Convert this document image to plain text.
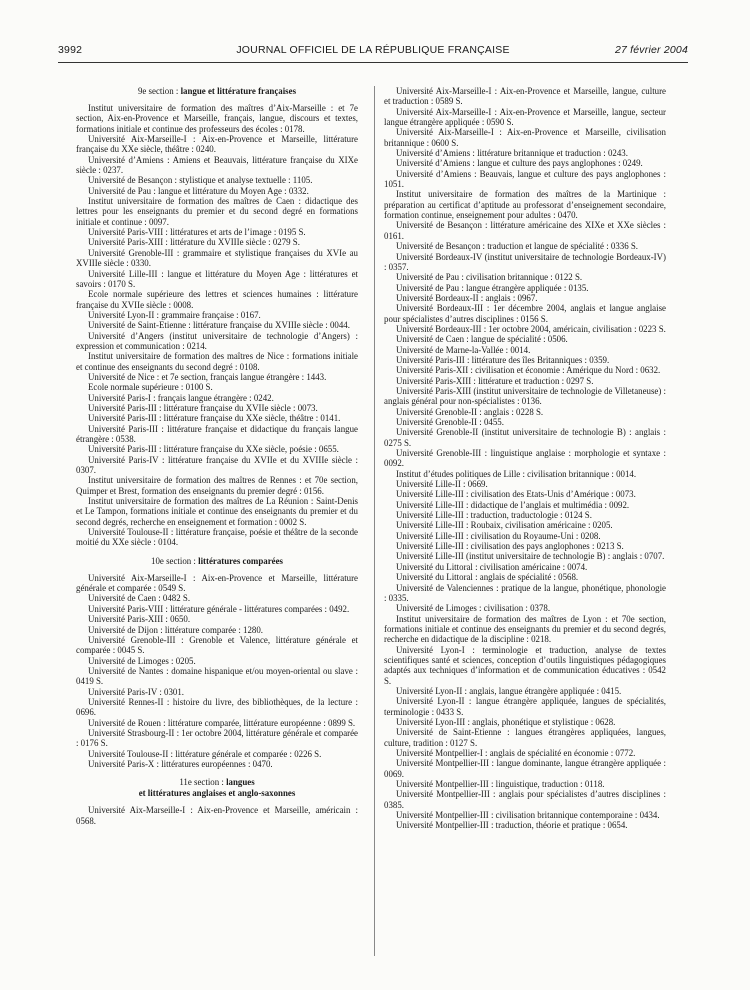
3992	JOURNAL OFFICIEL DE LA RÉPUBLIQUE FRANÇAISE	27 février 2004
9e section : langue et littérature françaises

Institut universitaire de formation des maîtres d’Aix-Marseille : et 7e section, Aix-en-Provence et Marseille, français, langue, discours et textes, formations initiale et continue des professeurs des écoles : 0178.

Université Aix-Marseille-I : Aix-en-Provence et Marseille, littérature française du XXe siècle, théâtre : 0240.

Université d’Amiens : Amiens et Beauvais, littérature française du XIXe siècle : 0237.

Université de Besançon : stylistique et analyse textuelle : 1105.

Université de Pau : langue et littérature du Moyen Age : 0332.

Institut universitaire de formation des maîtres de Caen : didactique des lettres pour les enseignants du premier et du second degré en formations initiale et continue : 0097.

Université Paris-VIII : littératures et arts de l’image : 0195 S.

Université Paris-XIII : littérature du XVIIIe siècle : 0279 S.

Université Grenoble-III : grammaire et stylistique françaises du XVIe au XVIIIe siècle : 0330.

Université Lille-III : langue et littérature du Moyen Age : littératures et savoirs : 0170 S.

Ecole normale supérieure des lettres et sciences humaines : littérature française du XVIIe siècle : 0008.

Université Lyon-II : grammaire française : 0167.

Université de Saint-Etienne : littérature française du XVIIIe siècle : 0044.

Université d’Angers (institut universitaire de technologie d’Angers) : expression et communication : 0214.

Institut universitaire de formation des maîtres de Nice : formations initiale et continue des enseignants du second degré : 0108.

Université de Nice : et 7e section, français langue étrangère : 1443.

Ecole normale supérieure : 0100 S.

Université Paris-I : français langue étrangère : 0242.

Université Paris-III : littérature française du XVIIe siècle : 0073.

Université Paris-III : littérature française du XXe siècle, théâtre : 0141.

Université Paris-III : littérature française et didactique du français langue étrangère : 0538.

Université Paris-III : littérature française du XXe siècle, poésie : 0655.

Université Paris-IV : littérature française du XVIIe et du XVIIIe siècle : 0307.

Institut universitaire de formation des maîtres de Rennes : et 70e section, Quimper et Brest, formation des enseignants du premier degré : 0156.

Institut universitaire de formation des maîtres de La Réunion : Saint-Denis et Le Tampon, formations initiale et continue des enseignants du premier et du second degrés, recherche en enseignement et formation : 0002 S.

Université Toulouse-II : littérature française, poésie et théâtre de la seconde moitié du XXe siècle : 0104.

10e section : littératures comparées

Université Aix-Marseille-I : Aix-en-Provence et Marseille, littérature générale et comparée : 0549 S.

Université de Caen : 0482 S.

Université Paris-VIII : littérature générale - littératures comparées : 0492.

Université Paris-XIII : 0650.

Université de Dijon : littérature comparée : 1280.

Université Grenoble-III : Grenoble et Valence, littérature générale et comparée : 0045 S.

Université de Limoges : 0205.

Université de Nantes : domaine hispanique et/ou moyen-oriental ou slave : 0419 S.

Université Paris-IV : 0301.

Université Rennes-II : histoire du livre, des bibliothèques, de la lecture : 0696.

Université de Rouen : littérature comparée, littérature européenne : 0899 S.

Université Strasbourg-II : 1er octobre 2004, littérature générale et comparée : 0176 S.

Université Toulouse-II : littérature générale et comparée : 0226 S.

Université Paris-X : littératures européennes : 0470.

11e section : langues
et littératures anglaises et anglo-saxonnes

Université Aix-Marseille-I : Aix-en-Provence et Marseille, américain : 0568.

Université Aix-Marseille-I : Aix-en-Provence et Marseille, langue, culture et traduction : 0589 S.

Université Aix-Marseille-I : Aix-en-Provence et Marseille, langue, secteur langue étrangère appliquée : 0590 S.

Université Aix-Marseille-I : Aix-en-Provence et Marseille, civilisation britannique : 0600 S.

Université d’Amiens : littérature britannique et traduction : 0243.

Université d’Amiens : langue et culture des pays anglophones : 0249.

Université d’Amiens : Beauvais, langue et culture des pays anglophones : 1051.

Institut universitaire de formation des maîtres de la Martinique : préparation au certificat d’aptitude au professorat d’enseignement secondaire, formation continue, enseignement pour adultes : 0470.

Université de Besançon : littérature américaine des XIXe et XXe siècles : 0161.

Université de Besançon : traduction et langue de spécialité : 0336 S.

Université Bordeaux-IV (institut universitaire de technologie Bordeaux-IV) : 0357.

Université de Pau : civilisation britannique : 0122 S.

Université de Pau : langue étrangère appliquée : 0135.

Université Bordeaux-II : anglais : 0967.

Université Bordeaux-III : 1er décembre 2004, anglais et langue anglaise pour spécialistes d’autres disciplines : 0156 S.

Université Bordeaux-III : 1er octobre 2004, américain, civilisation : 0223 S.

Université de Caen : langue de spécialité : 0506.

Université de Marne-la-Vallée : 0014.

Université Paris-III : littérature des îles Britanniques : 0359.

Université Paris-XII : civilisation et économie : Amérique du Nord : 0632.

Université Paris-XIII : littérature et traduction : 0297 S.

Université Paris-XIII (institut universitaire de technologie de Villetaneuse) : anglais général pour non-spécialistes : 0136.

Université Grenoble-II : anglais : 0228 S.

Université Grenoble-II : 0455.

Université Grenoble-II (institut universitaire de technologie B) : anglais : 0275 S.

Université Grenoble-III : linguistique anglaise : morphologie et syntaxe : 0092.

Institut d’études politiques de Lille : civilisation britannique : 0014.

Université Lille-II : 0669.

Université Lille-III : civilisation des Etats-Unis d’Amérique : 0073.

Université Lille-III : didactique de l’anglais et multimédia : 0092.

Université Lille-III : traduction, traductologie : 0124 S.

Université Lille-III : Roubaix, civilisation américaine : 0205.

Université Lille-III : civilisation du Royaume-Uni : 0208.

Université Lille-III : civilisation des pays anglophones : 0213 S.

Université Lille-III (institut universitaire de technologie B) : anglais : 0707.

Université du Littoral : civilisation américaine : 0074.

Université du Littoral : anglais de spécialité : 0568.

Université de Valenciennes : pratique de la langue, phonétique, phonologie : 0335.

Université de Limoges : civilisation : 0378.

Institut universitaire de formation des maîtres de Lyon : et 70e section, formations initiale et continue des enseignants du premier et du second degrés, recherche en didactique de la discipline : 0218.

Université Lyon-I : terminologie et traduction, analyse de textes scientifiques santé et sciences, conception d’outils linguistiques pédagogiques adaptés aux techniques d’information et de communication éducatives : 0542 S.

Université Lyon-II : anglais, langue étrangère appliquée : 0415.

Université Lyon-II : langue étrangère appliquée, langues de spécialités, terminologie : 0433 S.

Université Lyon-III : anglais, phonétique et stylistique : 0628.

Université de Saint-Etienne : langues étrangères appliquées, langues, culture, tradition : 0127 S.

Université Montpellier-I : anglais de spécialité en économie : 0772.

Université Montpellier-III : langue dominante, langue étrangère appliquée : 0069.

Université Montpellier-III : linguistique, traduction : 0118.

Université Montpellier-III : anglais pour spécialistes d’autres disciplines : 0385.

Université Montpellier-III : civilisation britannique contemporaine : 0434.

Université Montpellier-III : traduction, théorie et pratique : 0654.
